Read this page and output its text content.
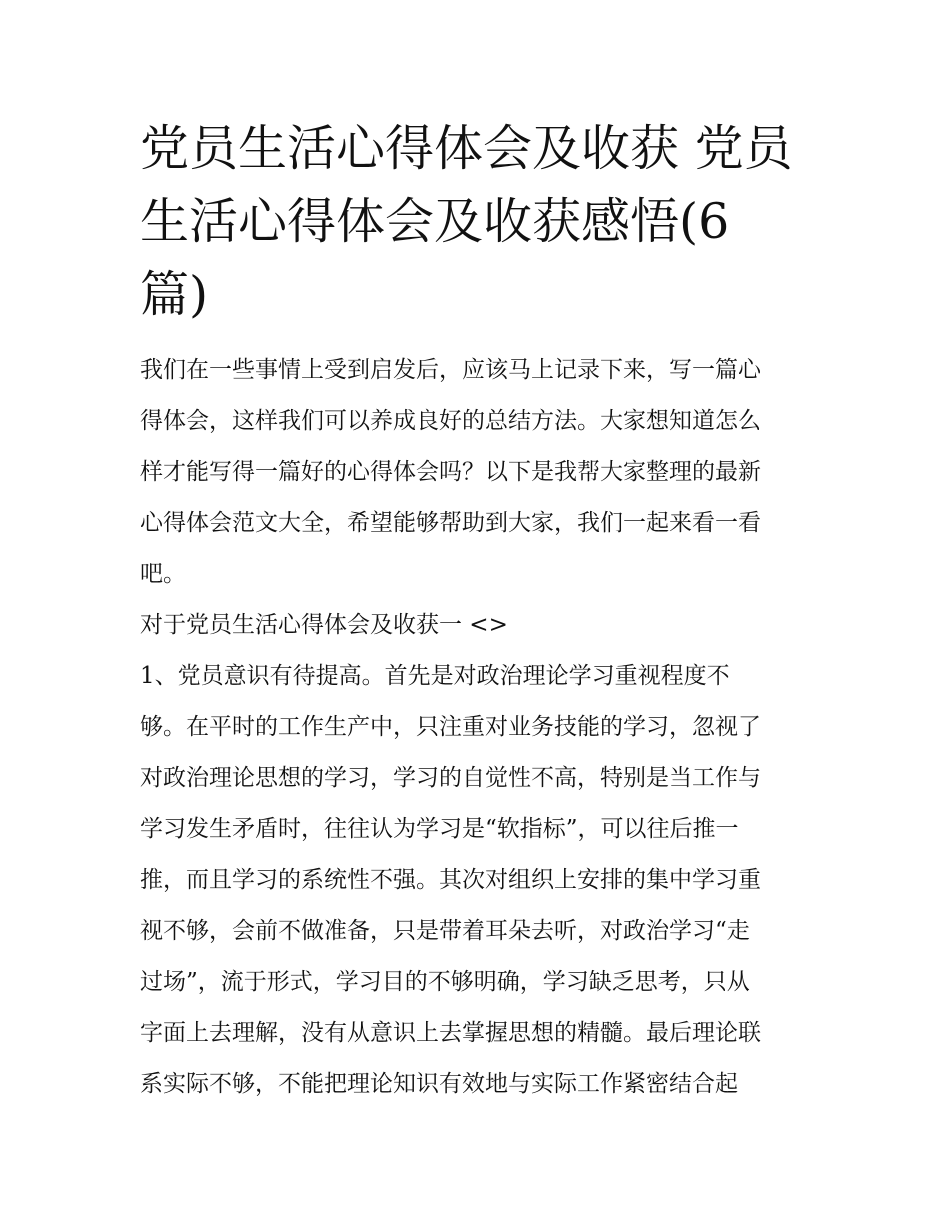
党员生活心得体会及收获 党员
生活心得体会及收获感悟(6
篇)

我们在一些事情上受到启发后，应该马上记录下来，写一篇心
得体会，这样我们可以养成良好的总结方法。大家想知道怎么
样才能写得一篇好的心得体会吗？以下是我帮大家整理的最新
心得体会范文大全，希望能够帮助到大家，我们一起来看一看
吧。

对于党员生活心得体会及收获一 <>

1、党员意识有待提高。首先是对政治理论学习重视程度不
够。在平时的工作生产中，只注重对业务技能的学习，忽视了
对政治理论思想的学习，学习的自觉性不高，特别是当工作与
学习发生矛盾时，往往认为学习是“软指标”，可以往后推一
推，而且学习的系统性不强。其次对组织上安排的集中学习重
视不够，会前不做准备，只是带着耳朵去听，对政治学习“走
过场”，流于形式，学习目的不够明确，学习缺乏思考，只从
字面上去理解，没有从意识上去掌握思想的精髓。最后理论联
系实际不够，不能把理论知识有效地与实际工作紧密结合起
